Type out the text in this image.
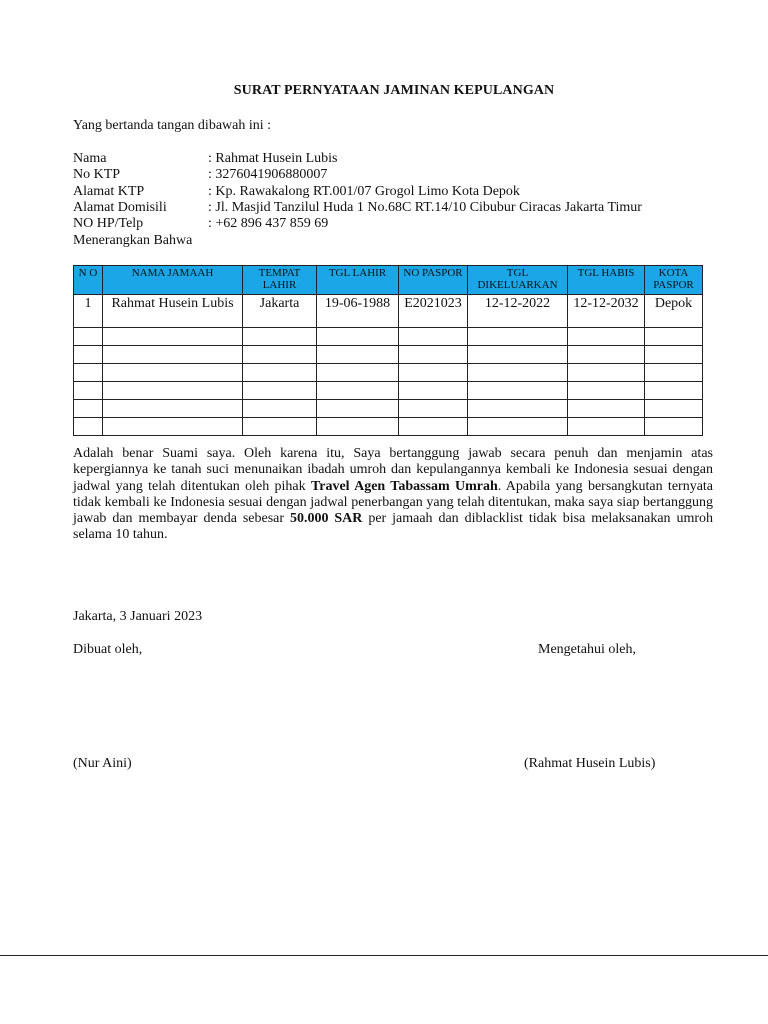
SURAT PERNYATAAN JAMINAN KEPULANGAN
Yang bertanda tangan dibawah ini :
Nama	: Rahmat Husein Lubis
No KTP	: 3276041906880007
Alamat KTP	: Kp. Rawakalong RT.001/07 Grogol Limo Kota Depok
Alamat Domisili	: Jl. Masjid Tanzilul Huda 1 No.68C RT.14/10 Cibubur Ciracas Jakarta Timur
NO HP/Telp	: +62 896 437 859 69
Menerangkan Bahwa
N O	NAMA JAMAAH	TEMPAT LAHIR	TGL LAHIR	NO PASPOR	TGL DIKELUARKAN	TGL HABIS	KOTA PASPOR
1	Rahmat Husein Lubis	Jakarta	19-06-1988	E2021023	12-12-2022	12-12-2032	Depok

Adalah benar Suami saya. Oleh karena itu, Saya bertanggung jawab secara penuh dan menjamin atas kepergiannya ke tanah suci menunaikan ibadah umroh dan kepulangannya kembali ke Indonesia sesuai dengan jadwal yang telah ditentukan oleh pihak Travel Agen Tabassam Umrah. Apabila yang bersangkutan ternyata tidak kembali ke Indonesia sesuai dengan jadwal penerbangan yang telah ditentukan, maka saya siap bertanggung jawab dan membayar denda sebesar 50.000 SAR per jamaah dan diblacklist tidak bisa melaksanakan umroh selama 10 tahun.
Jakarta, 3 Januari 2023
Dibuat oleh,	Mengetahui oleh,
(Nur Aini)	(Rahmat Husein Lubis)
